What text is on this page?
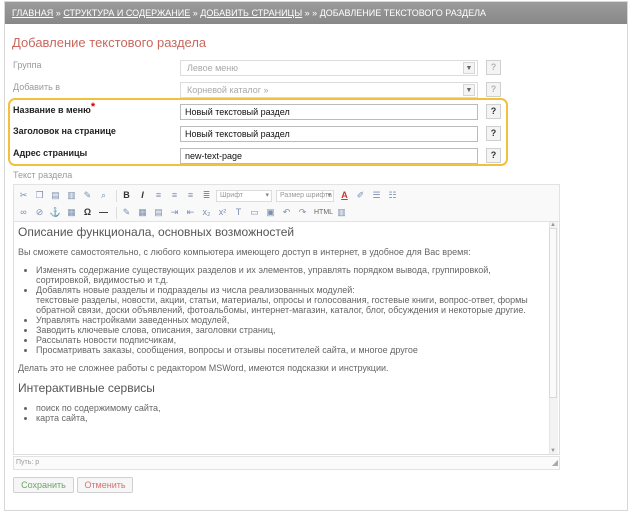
ГЛАВНАЯ » СТРУКТУРА И СОДЕРЖАНИЕ » ДОБАВИТЬ СТРАНИЦЫ » » ДОБАВЛЕНИЕ ТЕКСТОВОГО РАЗДЕЛА
Добавление текстового раздела
Группа	Левое меню	▼	?
Добавить в	Корневой каталог »	▼	?
Название в меню*	Новый текстовый раздел	?
Заголовок на странице	Новый текстовый раздел	?
Адрес страницы	new-text-page	?
Текст раздела
✂ ❐ ▤ ▥ ✎	⌕	B	I	≡	≡	≡	≣	Шрифт ▾	Размер шрифта ▾	A ✐ ☰ ☷
∞	⊘ ⚓ ▦ Ω —	✎ ▦ ▤ ⇥ ⇤ x₂ x²	T ▭ ▣ ↶ ↷	HTML ▥
Описание функционала, основных возможностей

Вы сможете самостоятельно, с любого компьютера имеющего доступ в интернет, в удобное для Вас время:

• Изменять содержание существующих разделов и их элементов, управлять порядком вывода, группировкой, сортировкой, видимостью и т.д.
• Добавлять новые разделы и подразделы из числа реализованных модулей:
текстовые разделы, новости, акции, статьи, материалы, опросы и голосования, гостевые книги, вопрос-ответ, формы обратной связи, доски объявлений, фотоальбомы, интернет-магазин, каталог, блог, обсуждения и некоторые другие.
• Управлять настройками заведенных модулей,
• Заводить ключевые слова, описания, заголовки страниц,
• Рассылать новости подписчикам,
• Просматривать заказы, сообщения, вопросы и отзывы посетителей сайта, и многое другое

Делать это не сложнее работы с редактором MSWord, имеются подсказки и инструкции.

Интерактивные сервисы
• поиск по содержимому сайта,
• карта сайта,
▲
▼
Путь: p	◢
Сохранить	Отменить
